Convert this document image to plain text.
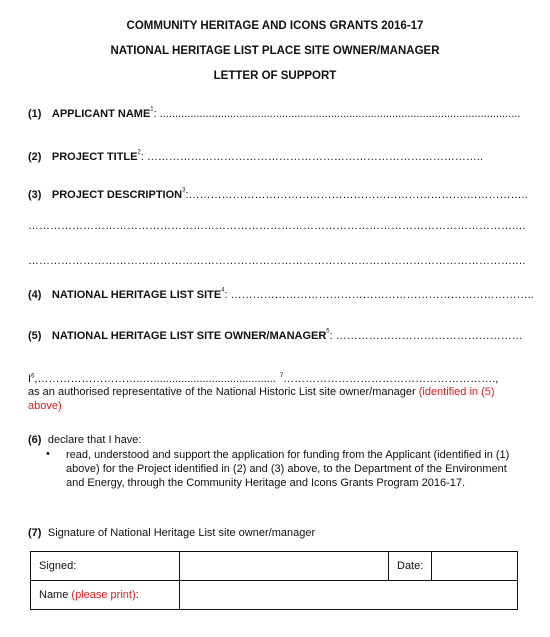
COMMUNITY HERITAGE AND ICONS GRANTS 2016-17
NATIONAL HERITAGE LIST PLACE SITE OWNER/MANAGER
LETTER OF SUPPORT
(1) APPLICANT NAME$^1$: ......................................................................................................................
(2) PROJECT TITLE$^2$: ………………………………………………………………………………..
(3) PROJECT DESCRIPTION$^3$:………………………………………………………………….……………..
…………………………………………………………………………………………………………………….…
…………………………………………………………………………………………………………………….…
(4) NATIONAL HERITAGE LIST SITE$^4$: ………………………………………………………………………..
(5) NATIONAL HERITAGE LIST SITE OWNER/MANAGER$^5$: ……………………………………………
$I^6,\dots\dots\dots\dots\dots\dots\dots\dots\dots..\dots$........................................ $^7$………………………………………………….,
as an authorised representative of the National Historic List site owner/manager (identified in (5) above)
(6) declare that I have:
• read, understood and support the application for funding from the Applicant (identified in (1) above) for the Project identified in (2) and (3) above, to the Department of the Environment and Energy, through the Community Heritage and Icons Grants Program 2016-17.
(7) Signature of National Heritage List site owner/manager
Signed:		Date:	
Name (please print):			
